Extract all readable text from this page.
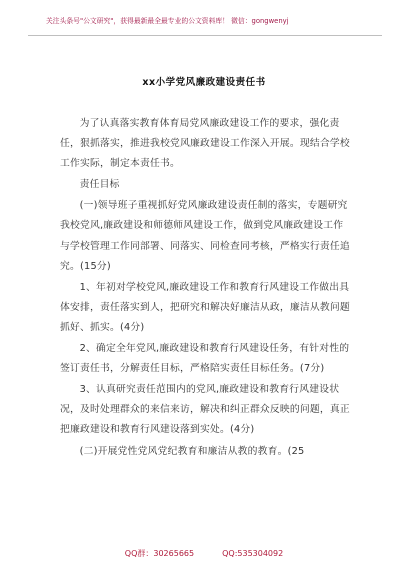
关注头条号"公文研究"，获得最新最全最专业的公文资料库！ 微信：gongwenyj
xx小学党风廉政建设责任书

为了认真落实教育体育局党风廉政建设工作的要求，强化责任，狠抓落实，推进我校党风廉政建设工作深入开展。现结合学校工作实际，制定本责任书。

责任目标

(一)领导班子重视抓好党风廉政建设责任制的落实，专题研究我校党风,廉政建设和师德师风建设工作，做到党风廉政建设工作与学校管理工作同部署、同落实、同检查同考核，严格实行责任追究。(15分)

1、年初对学校党风,廉政建设工作和教育行风建设工作做出具体安排，责任落实到人，把研究和解决好廉洁从政，廉洁从教问题抓好、抓实。(4分)

2、确定全年党风,廉政建设和教育行风建设任务，有针对性的签订责任书，分解责任目标，严格陪实责任目标任务。(7分)

3、认真研究责任范围内的党风,廉政建设和教育行风建设状况，及时处理群众的来信来访，解决和纠正群众反映的问题，真正把廉政建设和教育行风建设落到实处。(4分)

(二)开展党性党风党纪教育和廉洁从教的教育。(25

QQ群：30265665	QQ:535304092
